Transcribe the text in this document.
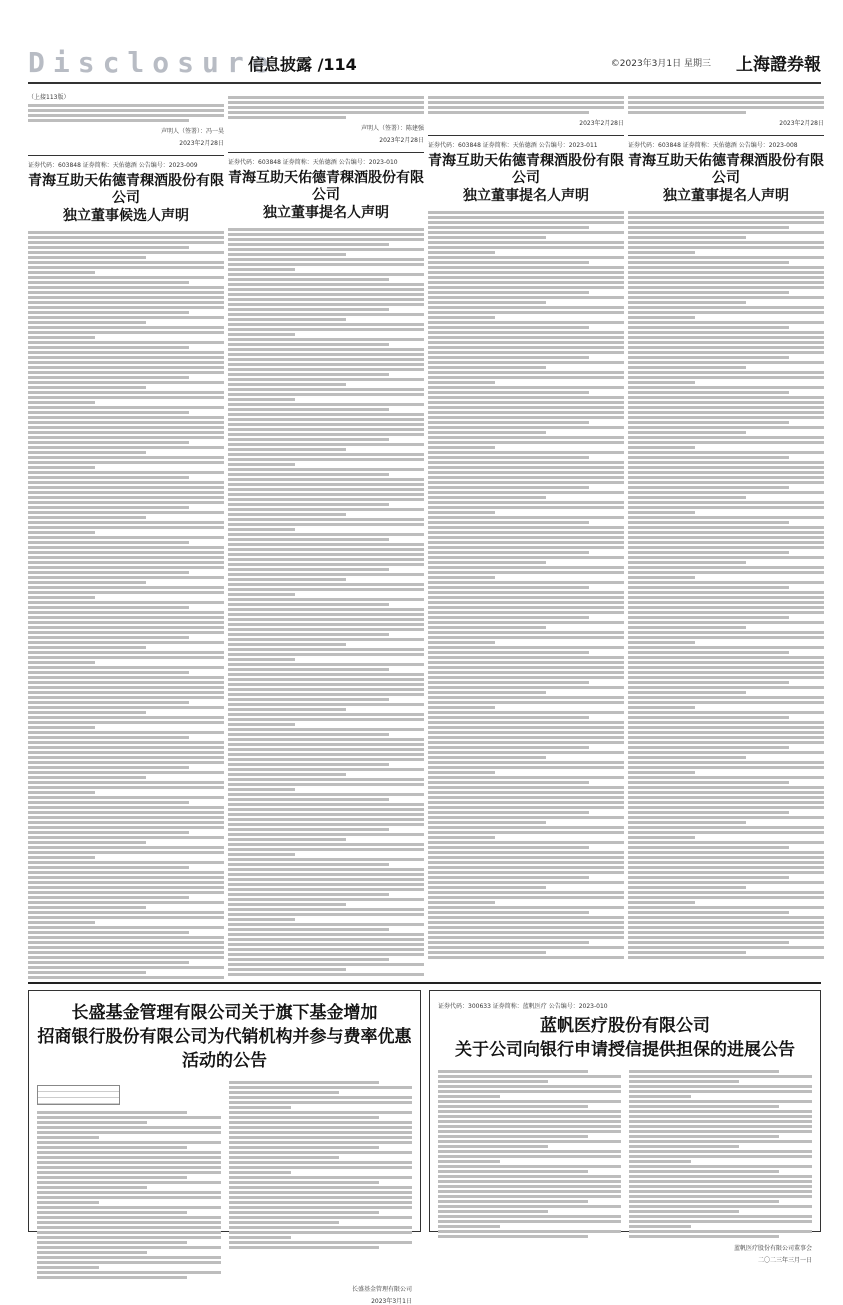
Disclosure
信息披露 /114	©2023年3月1日 星期三 上海證券報
（上接113版）
声明人（签署）：冯一昊
2023年2月28日
证券代码：603848 证券简称：天佑德酒 公告编号：2023-009
青海互助天佑德青稞酒股份有限公司
独立董事候选人声明
声明人（签署）：陈建强
2023年2月28日
证券代码：603848 证券简称：天佑德酒 公告编号：2023-010
青海互助天佑德青稞酒股份有限公司
独立董事提名人声明
2023年2月28日
证券代码：603848 证券简称：天佑德酒 公告编号：2023-011
青海互助天佑德青稞酒股份有限公司
独立董事提名人声明
2023年2月28日
证券代码：603848 证券简称：天佑德酒 公告编号：2023-008
青海互助天佑德青稞酒股份有限公司
独立董事提名人声明
长盛基金管理有限公司关于旗下基金增加
招商银行股份有限公司为代销机构并参与费率优惠活动的公告
长盛基金管理有限公司
2023年3月1日
证券代码：300633 证券简称：蓝帆医疗 公告编号：2023-010
蓝帆医疗股份有限公司
关于公司向银行申请授信提供担保的进展公告
蓝帆医疗股份有限公司董事会
二〇二三年三月一日
